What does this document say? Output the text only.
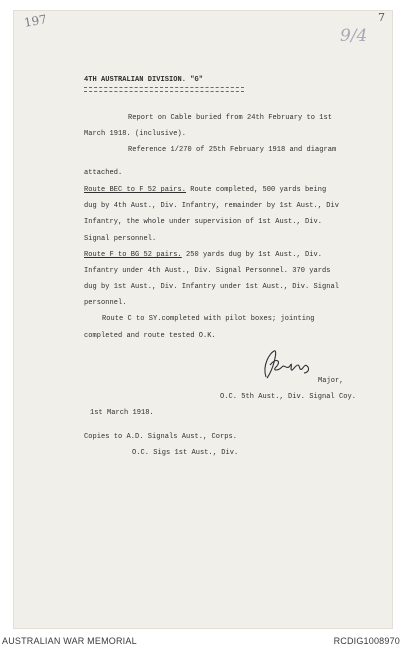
197	7
9/4
4TH AUSTRALIAN DIVISION. "G"
Report on Cable buried from 24th February to 1st
March 1918. (inclusive).
Reference 1/270 of 25th February 1918 and diagram
attached.
Route BEC to F 52 pairs. Route completed, 500 yards being
dug by 4th Aust., Div. Infantry, remainder by 1st Aust., Div
Infantry, the whole under supervision of 1st Aust., Div.
Signal personnel.
Route F to BG 52 pairs. 250 yards dug by 1st Aust., Div.
Infantry under 4th Aust., Div. Signal Personnel. 370 yards
dug by 1st Aust., Div. Infantry under 1st Aust., Div. Signal
personnel.
Route C to SY.completed with pilot boxes; jointing
completed and route tested O.K.
Major,
O.C. 5th Aust., Div. Signal Coy.
1st March 1918.
Copies to A.D. Signals Aust., Corps.
O.C. Sigs 1st Aust., Div.
AUSTRALIAN WAR MEMORIAL	RCDIG1008970
